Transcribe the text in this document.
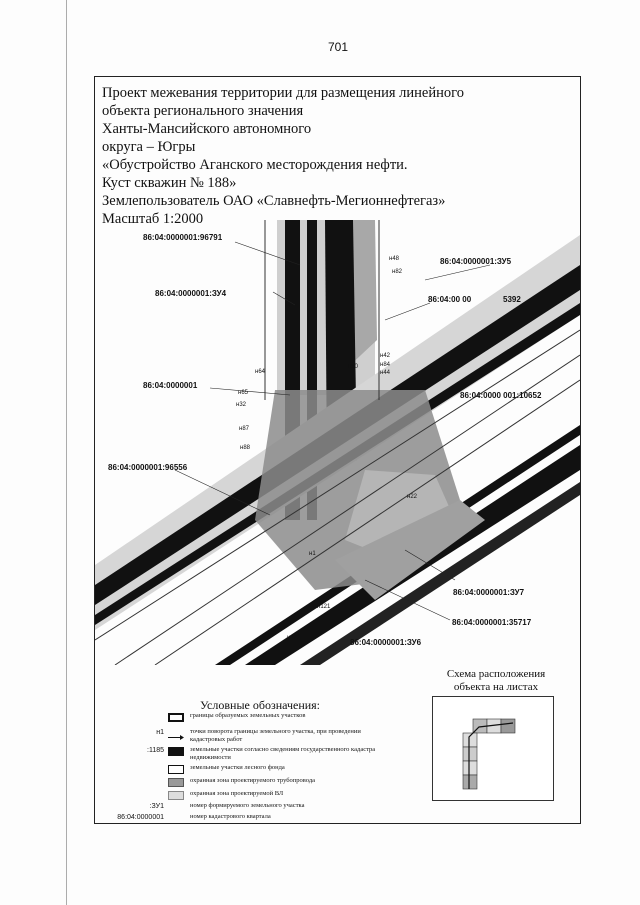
701
Проект межевания территории для размещения линейного
объекта регионального значения
Ханты-Мансийского автономного
округа – Югры
«Обустройство Аганского месторождения нефти.
Куст скважин № 188»
Землепользователь ОАО «Славнефть-Мегионнефтегаз»
Масштаб 1:2000
86:04:0000001:96791
86:04:0000001:ЗУ5
86:04:0000001:ЗУ4
86:04:00 00	5392
86:04:0000001
86:04:0000 001:10652
86:04:0000001:96556
86:04:0000001:ЗУ7
86:04:0000001:35717
86:04:0000001:ЗУ6
н48
н82
н42
н50	н84
н44
н64
н65
н32
н87
н88
н1
н121
н122
н22
Схема расположения
объекта на листах
Условные обозначения:
границы образуемых земельных участков
н1	точки поворота границы земельного участка, при проведении кадастровых работ
:1185	земельные участки согласно сведениям государственного кадастра недвижимости
земельные участки лесного фонда
охранная зона проектируемого трубопровода
охранная зона проектируемой ВЛ
:ЗУ1	номер формируемого земельного участка
86:04:0000001	номер кадастрового квартала
